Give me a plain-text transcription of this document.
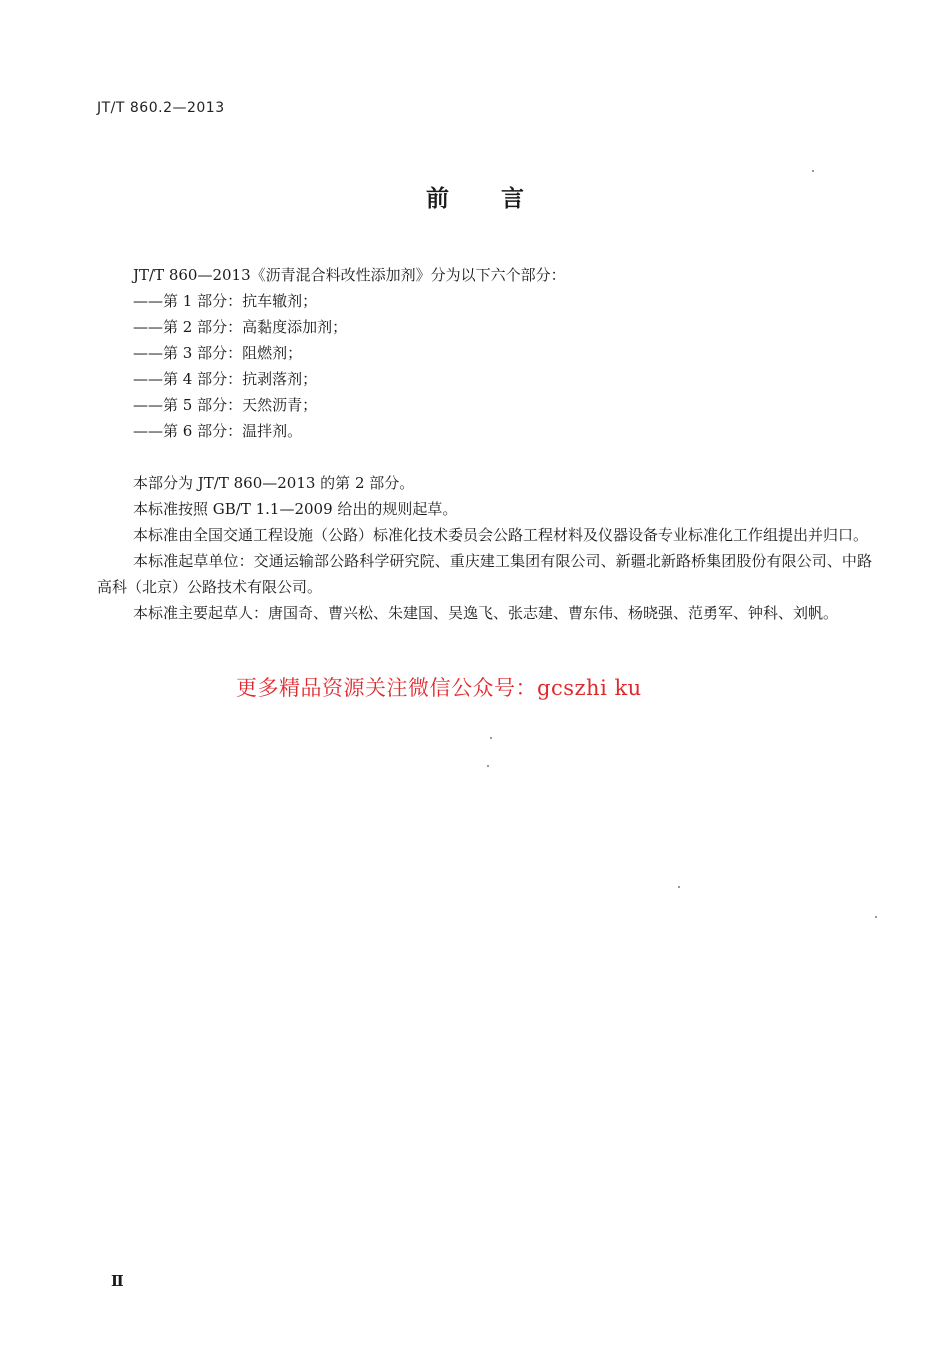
JT/T 860.2—2013
前言

JT/T 860—2013《沥青混合料改性添加剂》分为以下六个部分：

——第 1 部分：抗车辙剂；

——第 2 部分：高黏度添加剂；

——第 3 部分：阻燃剂；

——第 4 部分：抗剥落剂；

——第 5 部分：天然沥青；

——第 6 部分：温拌剂。

本部分为 JT/T 860—2013 的第 2 部分。

本标准按照 GB/T 1.1—2009 给出的规则起草。

本标准由全国交通工程设施（公路）标准化技术委员会公路工程材料及仪器设备专业标准化工作组提出并归口。

本标准起草单位：交通运输部公路科学研究院、重庆建工集团有限公司、新疆北新路桥集团股份有限公司、中路高科（北京）公路技术有限公司。

本标准主要起草人：唐国奇、曹兴松、朱建国、吴逸飞、张志建、曹东伟、杨晓强、范勇军、钟科、刘帆。

更多精品资源关注微信公众号：gcszhi ku
Ⅱ
